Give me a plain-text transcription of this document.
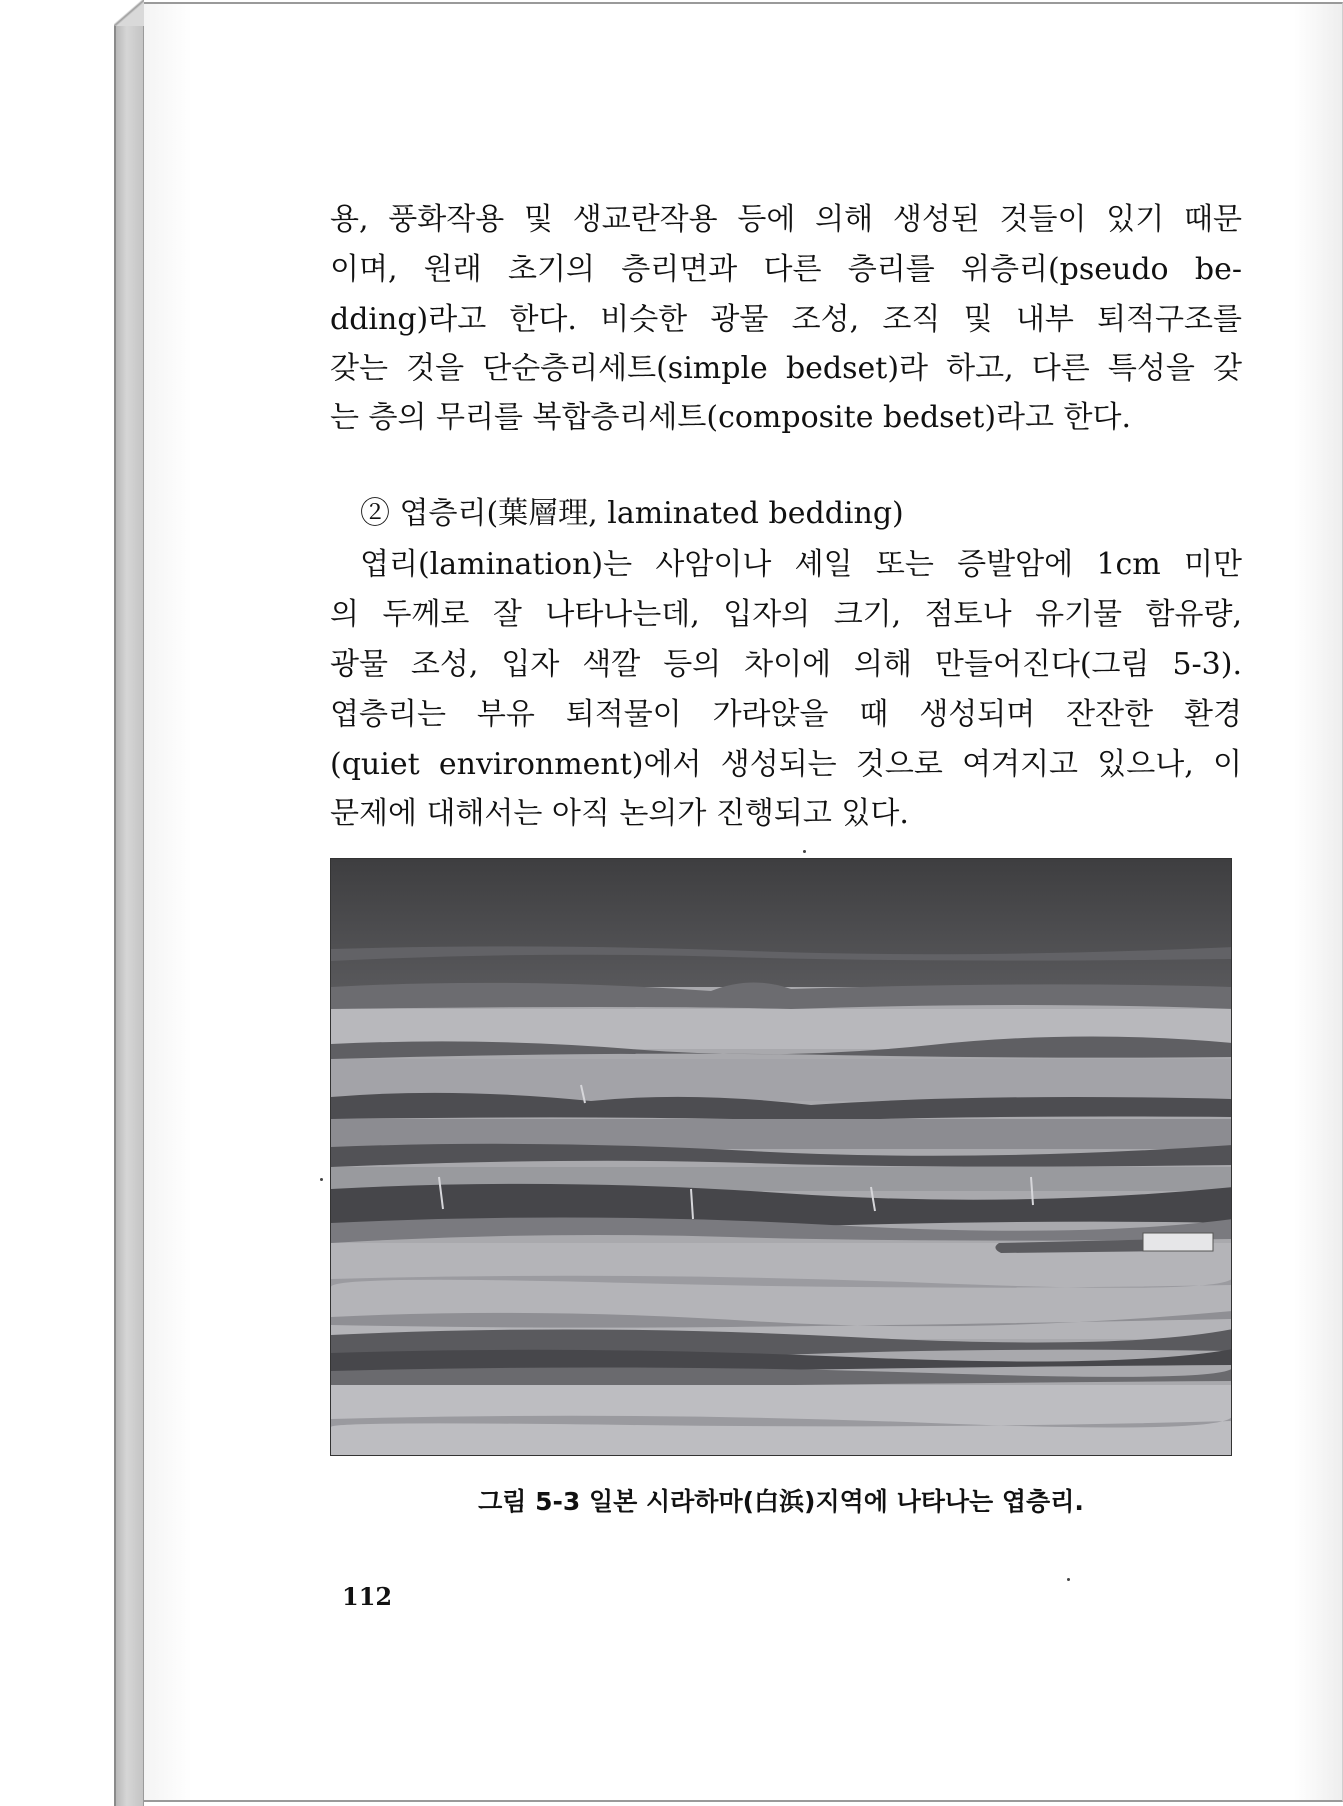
용, 풍화작용 및 생교란작용 등에 의해 생성된 것들이 있기 때문
이며, 원래 초기의 층리면과 다른 층리를 위층리(pseudo be-
dding)라고 한다. 비슷한 광물 조성, 조직 및 내부 퇴적구조를
갖는 것을 단순층리세트(simple bedset)라 하고, 다른 특성을 갖
는 층의 무리를 복합층리세트(composite bedset)라고 한다.
② 엽층리(葉層理, laminated bedding)
엽리(lamination)는 사암이나 셰일 또는 증발암에 1cm 미만
의 두께로 잘 나타나는데, 입자의 크기, 점토나 유기물 함유량,
광물 조성, 입자 색깔 등의 차이에 의해 만들어진다(그림 5-3).
엽층리는 부유 퇴적물이 가라앉을 때 생성되며 잔잔한 환경
(quiet environment)에서 생성되는 것으로 여겨지고 있으나, 이
문제에 대해서는 아직 논의가 진행되고 있다.
그림 5-3 일본 시라하마(白浜)지역에 나타나는 엽층리.
112
